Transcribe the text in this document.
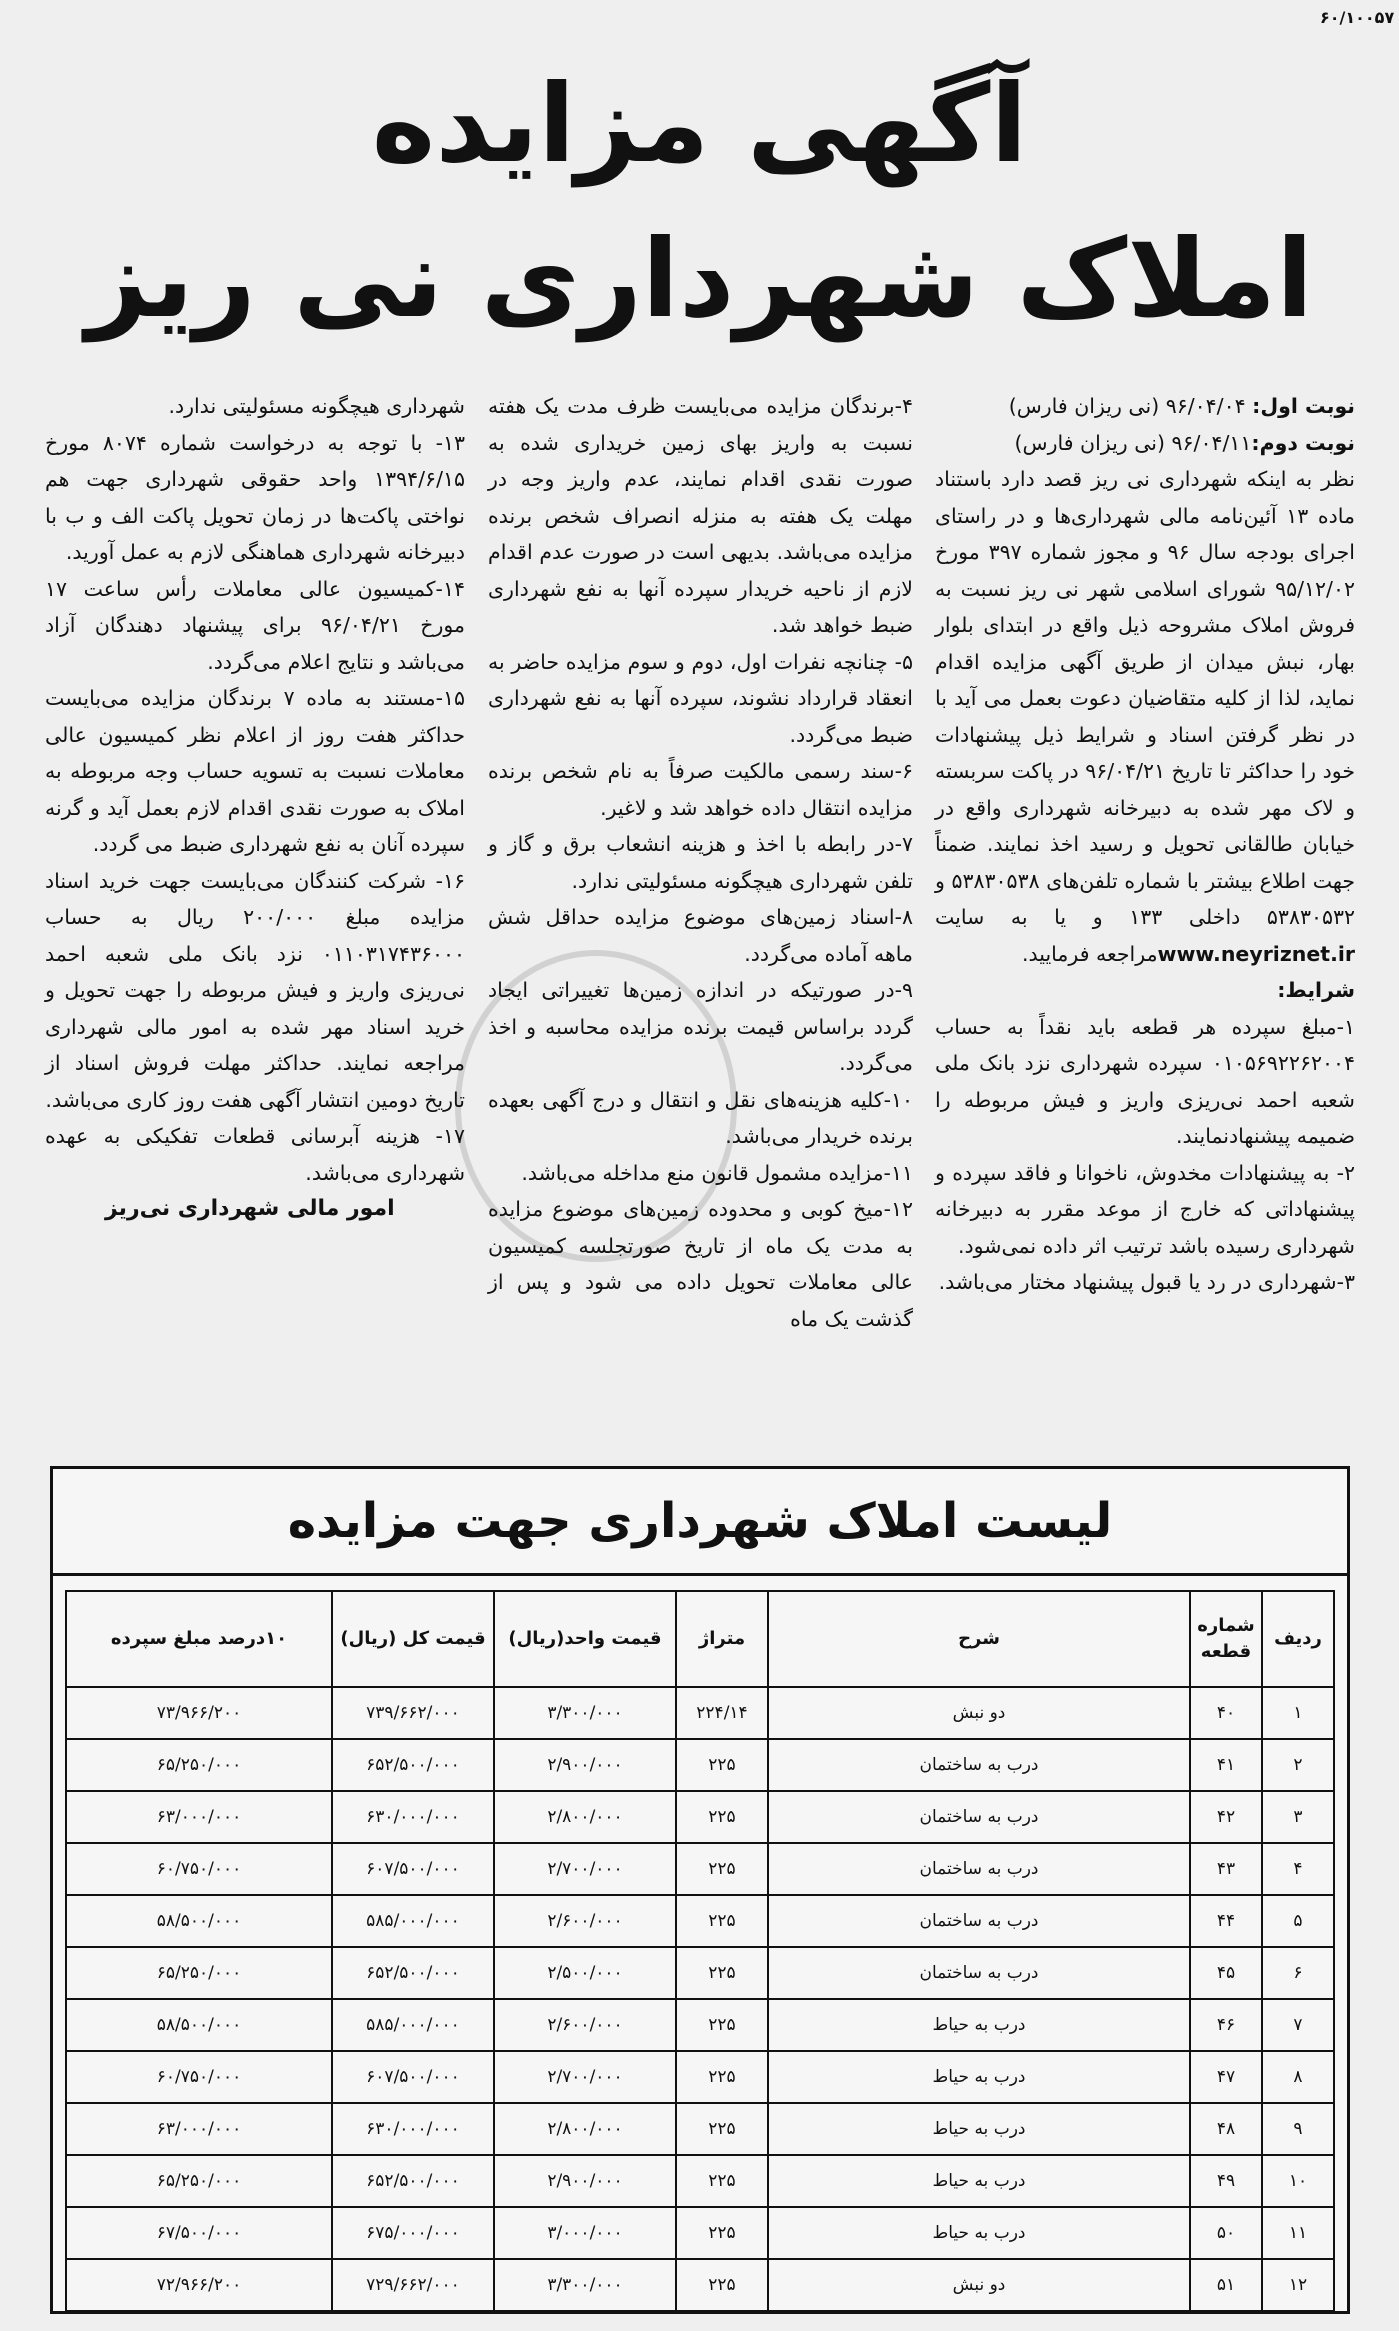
۶۰/۱۰۰۵۷
آگهی مزایده
املاک شهرداری نی ریز

نوبت اول: ۹۶/۰۴/۰۴ (نی ریزان فارس)

نوبت دوم:۹۶/۰۴/۱۱ (نی ریزان فارس)

نظر به اینکه شهرداری نی ریز قصد دارد باستناد ماده ۱۳ آئین‌نامه مالی شهرداری‌ها و در راستای اجرای بودجه سال ۹۶ و مجوز شماره ۳۹۷ مورخ ۹۵/۱۲/۰۲ شورای اسلامی شهر نی ریز نسبت به فروش املاک مشروحه ذیل واقع در ابتدای بلوار بهار، نبش میدان از طریق آگهی مزایده اقدام نماید، لذا از کلیه متقاضیان دعوت بعمل می آید با در نظر گرفتن اسناد و شرایط ذیل پیشنهادات خود را حداکثر تا تاریخ ۹۶/۰۴/۲۱ در پاکت سربسته و لاک مهر شده به دبیرخانه شهرداری واقع در خیابان طالقانی تحویل و رسید اخذ نمایند. ضمناً جهت اطلاع بیشتر با شماره تلفن‌های ۵۳۸۳۰۵۳۸ و ۵۳۸۳۰۵۳۲ داخلی ۱۳۳ و یا به سایت www.neyriznet.irمراجعه فرمایید.

شرایط:

۱-مبلغ سپرده هر قطعه باید نقداً به حساب ۰۱۰۵۶۹۲۲۶۲۰۰۴ سپرده شهرداری نزد بانک ملی شعبه احمد نی‌ریزی واریز و فیش مربوطه را ضمیمه پیشنهادنمایند.

۲- به پیشنهادات مخدوش، ناخوانا و فاقد سپرده و پیشنهاداتی که خارج از موعد مقرر به دبیرخانه شهرداری رسیده باشد ترتیب اثر داده نمی‌شود.

۳-شهرداری در رد یا قبول پیشنهاد مختار می‌باشد.

۴-برندگان مزایده می‌بایست ظرف مدت یک هفته نسبت به واریز بهای زمین خریداری شده به صورت نقدی اقدام نمایند، عدم واریز وجه در مهلت یک هفته به منزله انصراف شخص برنده مزایده می‌باشد. بدیهی است در صورت عدم اقدام لازم از ناحیه خریدار سپرده آنها به نفع شهرداری ضبط خواهد شد.

۵- چنانچه نفرات اول، دوم و سوم مزایده حاضر به انعقاد قرارداد نشوند، سپرده آنها به نفع شهرداری ضبط می‌گردد.

۶-سند رسمی مالکیت صرفاً به نام شخص برنده مزایده انتقال داده خواهد شد و لاغیر.

۷-در رابطه با اخذ و هزینه انشعاب برق و گاز و تلفن شهرداری هیچگونه مسئولیتی ندارد.

۸-اسناد زمین‌های موضوع مزایده حداقل شش ماهه آماده می‌گردد.

۹-در صورتیکه در اندازه زمین‌ها تغییراتی ایجاد گردد براساس قیمت برنده مزایده محاسبه و اخذ می‌گردد.

۱۰-کلیه هزینه‌های نقل و انتقال و درج آگهی بعهده برنده خریدار می‌باشد.

۱۱-مزایده مشمول قانون منع مداخله می‌باشد.

۱۲-میخ کوبی و محدوده زمین‌های موضوع مزایده به مدت یک ماه از تاریخ صورتجلسه کمیسیون عالی معاملات تحویل داده می شود و پس از گذشت یک ماه

شهرداری هیچگونه مسئولیتی ندارد.

۱۳- با توجه به درخواست شماره ۸۰۷۴ مورخ ۱۳۹۴/۶/۱۵ واحد حقوقی شهرداری جهت هم نواختی پاکت‌ها در زمان تحویل پاکت الف و ب با دبیرخانه شهرداری هماهنگی لازم به عمل آورید.

۱۴-کمیسیون عالی معاملات رأس ساعت ۱۷ مورخ ۹۶/۰۴/۲۱ برای پیشنهاد دهندگان آزاد می‌باشد و نتایج اعلام می‌گردد.

۱۵-مستند به ماده ۷ برندگان مزایده می‌بایست حداکثر هفت روز از اعلام نظر کمیسیون عالی معاملات نسبت به تسویه حساب وجه مربوطه به املاک به صورت نقدی اقدام لازم بعمل آید و گرنه سپرده آنان به نفع شهرداری ضبط می گردد.

۱۶- شرکت کنندگان می‌بایست جهت خرید اسناد مزایده مبلغ ۲۰۰/۰۰۰ ریال به حساب ۰۱۱۰۳۱۷۴۳۶۰۰۰ نزد بانک ملی شعبه احمد نی‌ریزی واریز و فیش مربوطه را جهت تحویل و خرید اسناد مهر شده به امور مالی شهرداری مراجعه نمایند. حداکثر مهلت فروش اسناد از تاریخ دومین انتشار آگهی هفت روز کاری می‌باشد.

۱۷- هزینه آبرسانی قطعات تفکیکی به عهده شهرداری می‌باشد.

امور مالی شهرداری نی‌ریز

لیست املاک شهرداری جهت مزایده
ردیف	شماره قطعه	شرح	متراژ	قیمت واحد(ریال)	قیمت کل (ریال)	۱۰درصد مبلغ سپرده
۱	۴۰	دو نبش	۲۲۴/۱۴	۳/۳۰۰/۰۰۰	۷۳۹/۶۶۲/۰۰۰	۷۳/۹۶۶/۲۰۰
۲	۴۱	درب به ساختمان	۲۲۵	۲/۹۰۰/۰۰۰	۶۵۲/۵۰۰/۰۰۰	۶۵/۲۵۰/۰۰۰
۳	۴۲	درب به ساختمان	۲۲۵	۲/۸۰۰/۰۰۰	۶۳۰/۰۰۰/۰۰۰	۶۳/۰۰۰/۰۰۰
۴	۴۳	درب به ساختمان	۲۲۵	۲/۷۰۰/۰۰۰	۶۰۷/۵۰۰/۰۰۰	۶۰/۷۵۰/۰۰۰
۵	۴۴	درب به ساختمان	۲۲۵	۲/۶۰۰/۰۰۰	۵۸۵/۰۰۰/۰۰۰	۵۸/۵۰۰/۰۰۰
۶	۴۵	درب به ساختمان	۲۲۵	۲/۵۰۰/۰۰۰	۶۵۲/۵۰۰/۰۰۰	۶۵/۲۵۰/۰۰۰
۷	۴۶	درب به حیاط	۲۲۵	۲/۶۰۰/۰۰۰	۵۸۵/۰۰۰/۰۰۰	۵۸/۵۰۰/۰۰۰
۸	۴۷	درب به حیاط	۲۲۵	۲/۷۰۰/۰۰۰	۶۰۷/۵۰۰/۰۰۰	۶۰/۷۵۰/۰۰۰
۹	۴۸	درب به حیاط	۲۲۵	۲/۸۰۰/۰۰۰	۶۳۰/۰۰۰/۰۰۰	۶۳/۰۰۰/۰۰۰
۱۰	۴۹	درب به حیاط	۲۲۵	۲/۹۰۰/۰۰۰	۶۵۲/۵۰۰/۰۰۰	۶۵/۲۵۰/۰۰۰
۱۱	۵۰	درب به حیاط	۲۲۵	۳/۰۰۰/۰۰۰	۶۷۵/۰۰۰/۰۰۰	۶۷/۵۰۰/۰۰۰
۱۲	۵۱	دو نبش	۲۲۵	۳/۳۰۰/۰۰۰	۷۲۹/۶۶۲/۰۰۰	۷۲/۹۶۶/۲۰۰
